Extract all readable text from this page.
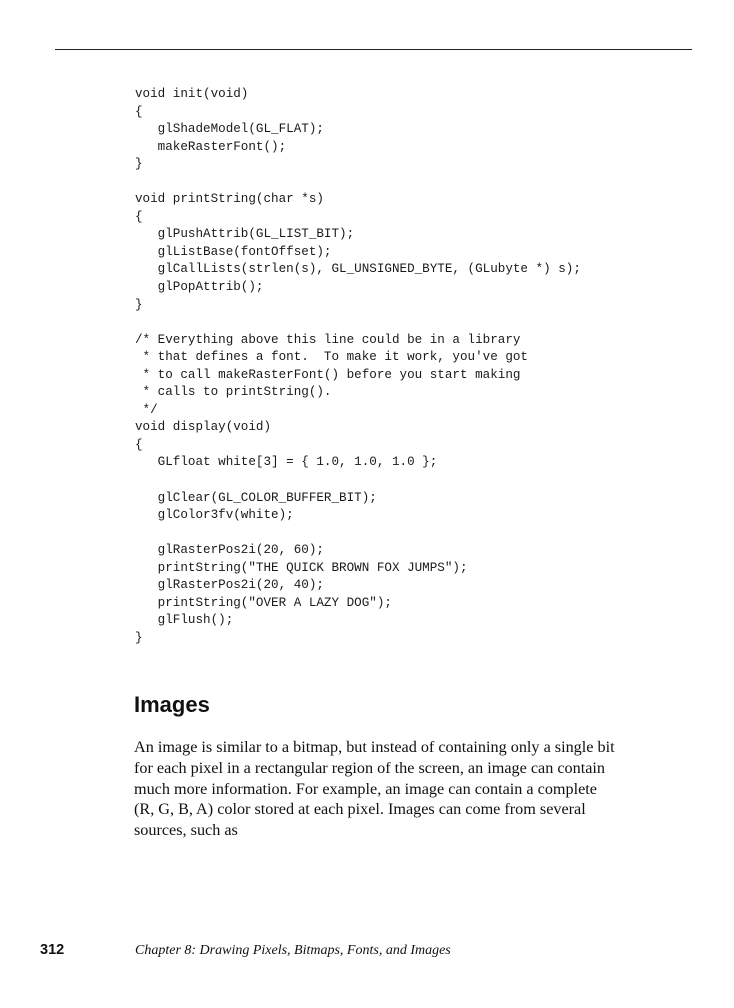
void init(void)
{
glShadeModel(GL_FLAT);
makeRasterFont();
}
void printString(char *s)
{
glPushAttrib(GL_LIST_BIT);
glListBase(fontOffset);
glCallLists(strlen(s), GL_UNSIGNED_BYTE, (GLubyte *) s);
glPopAttrib();
}
/* Everything above this line could be in a library
* that defines a font.  To make it work, you've got
* to call makeRasterFont() before you start making
* calls to printString().
*/
void display(void)
{
GLfloat white[3] = { 1.0, 1.0, 1.0 };
glClear(GL_COLOR_BUFFER_BIT);
glColor3fv(white);
glRasterPos2i(20, 60);
printString("THE QUICK BROWN FOX JUMPS");
glRasterPos2i(20, 40);
printString("OVER A LAZY DOG");
glFlush();
}
Images

An image is similar to a bitmap, but instead of containing only a single bit
for each pixel in a rectangular region of the screen, an image can contain
much more information. For example, an image can contain a complete
(R, G, B, A) color stored at each pixel. Images can come from several
sources, such as

312	Chapter 8: Drawing Pixels, Bitmaps, Fonts, and Images
